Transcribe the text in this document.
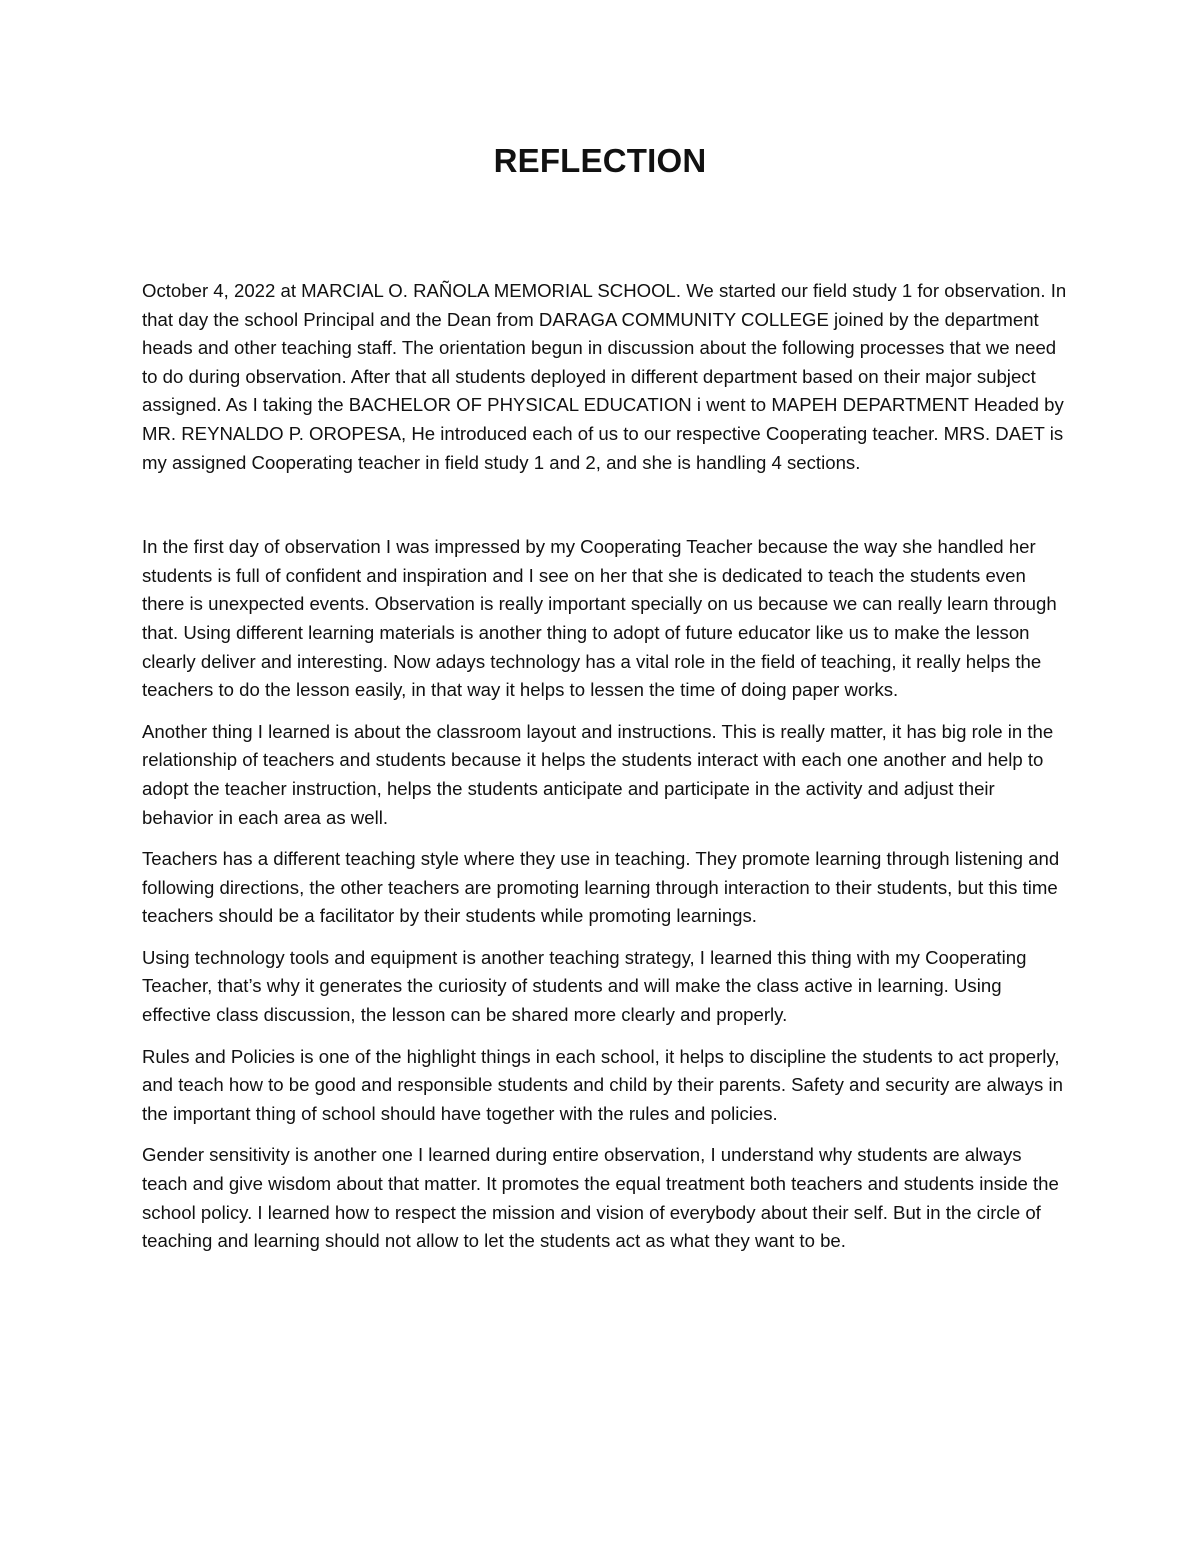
REFLECTION

October 4, 2022 at MARCIAL O. RAÑOLA MEMORIAL SCHOOL. We started our field study 1 for observation. In that day the school Principal and the Dean from DARAGA COMMUNITY COLLEGE joined by the department heads and other teaching staff. The orientation begun in discussion about the following processes that we need to do during observation. After that all students deployed in different department based on their major subject assigned. As I taking the BACHELOR OF PHYSICAL EDUCATION i went to MAPEH DEPARTMENT Headed by MR. REYNALDO P. OROPESA, He introduced each of us to our respective Cooperating teacher. MRS. DAET is my assigned Cooperating teacher in field study 1 and 2, and she is handling 4 sections.

In the first day of observation I was impressed by my Cooperating Teacher because the way she handled her students is full of confident and inspiration and I see on her that she is dedicated to teach the students even there is unexpected events. Observation is really important specially on us because we can really learn through that. Using different learning materials is another thing to adopt of future educator like us to make the lesson clearly deliver and interesting. Now adays technology has a vital role in the field of teaching, it really helps the teachers to do the lesson easily, in that way it helps to lessen the time of doing paper works.

Another thing I learned is about the classroom layout and instructions. This is really matter, it has big role in the relationship of teachers and students because it helps the students interact with each one another and help to adopt the teacher instruction, helps the students anticipate and participate in the activity and adjust their behavior in each area as well.

Teachers has a different teaching style where they use in teaching. They promote learning through listening and following directions, the other teachers are promoting learning through interaction to their students, but this time teachers should be a facilitator by their students while promoting learnings.

Using technology tools and equipment is another teaching strategy, I learned this thing with my Cooperating Teacher, that’s why it generates the curiosity of students and will make the class active in learning. Using effective class discussion, the lesson can be shared more clearly and properly.

Rules and Policies is one of the highlight things in each school, it helps to discipline the students to act properly, and teach how to be good and responsible students and child by their parents. Safety and security are always in the important thing of school should have together with the rules and policies.

Gender sensitivity is another one I learned during entire observation, I understand why students are always teach and give wisdom about that matter. It promotes the equal treatment both teachers and students inside the school policy. I learned how to respect the mission and vision of everybody about their self. But in the circle of teaching and learning should not allow to let the students act as what they want to be.
